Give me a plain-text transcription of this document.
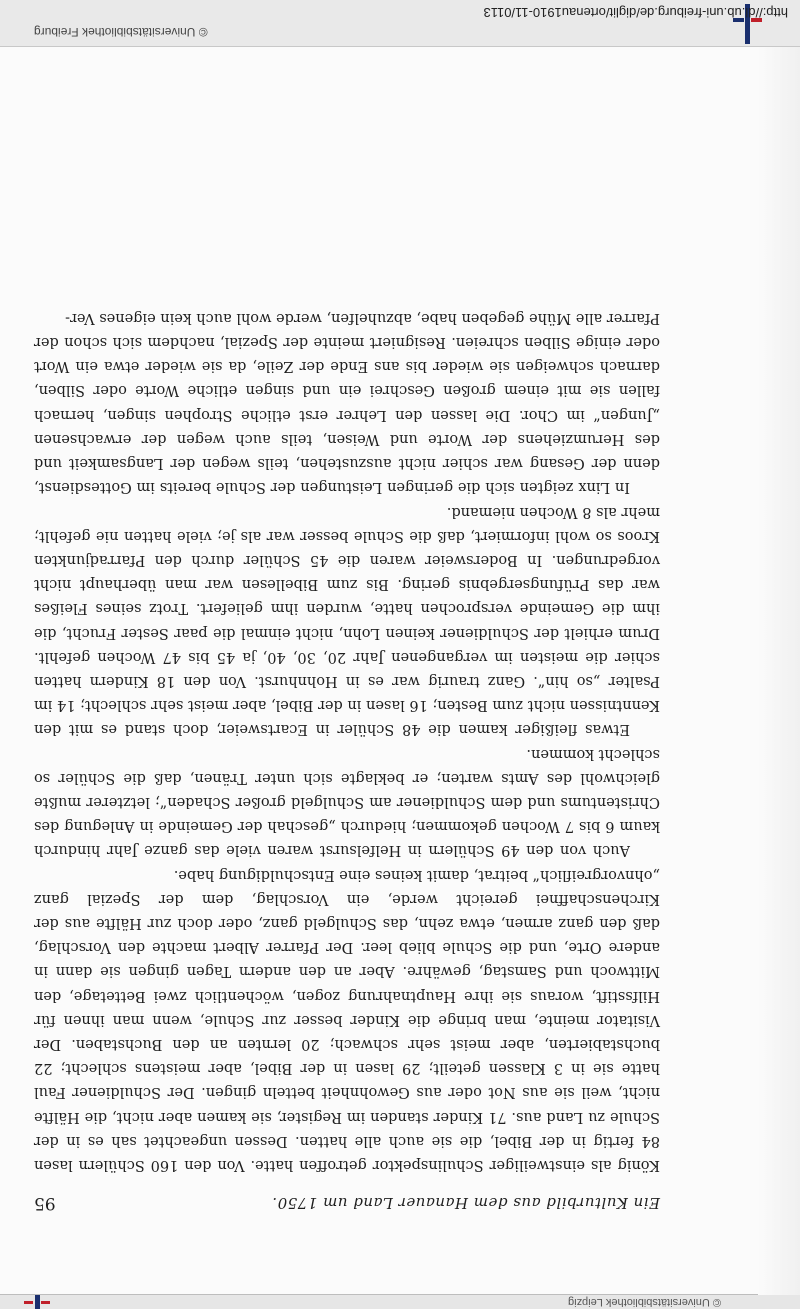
© Universitätsbibliothek Leipzig
Ein Kulturbild aus dem Hanauer Land um 1750.
95

König als einstweiliger Schulinspektor getroffen hatte. Von den 160 Schülern lasen 84 fertig in der Bibel, die sie auch alle hatten. Dessen ungeachtet sah es in der Schule zu Land aus. 71 Kinder standen im Register, sie kamen aber nicht, die Hälfte nicht, weil sie aus Not oder aus Gewohnheit betteln gingen. Der Schuldiener Faul hatte sie in 3 Klassen geteilt; 29 lasen in der Bibel, aber meistens schlecht; 22 buchstabierten, aber meist sehr schwach; 20 lernten an den Buchstaben. Der Visitator meinte, man bringe die Kinder besser zur Schule, wenn man ihnen für Hilfsstift, woraus sie ihre Hauptnahrung zogen, wöchentlich zwei Bettetage, den Mittwoch und Samstag, gewähre. Aber an den andern Tagen gingen sie dann in andere Orte, und die Schule blieb leer. Der Pfarrer Albert machte den Vorschlag, daß den ganz armen, etwa zehn, das Schulgeld ganz, oder doch zur Hälfte aus der Kirchenschaffnei gereicht werde, ein Vorschlag, dem der Spezial ganz „ohnvorgreiflich“ beitrat, damit keines eine Entschuldigung habe.

Auch von den 49 Schülern in Helfelsurst waren viele das ganze Jahr hindurch kaum 6 bis 7 Wochen gekommen; hiedurch „geschah der Gemeinde in Anlegung des Christentums und dem Schuldiener am Schulgeld großer Schaden“; letzterer mußte gleichwohl des Amts warten; er beklagte sich unter Tränen, daß die Schüler so schlecht kommen.

Etwas fleißiger kamen die 48 Schüler in Ecartsweier, doch stand es mit den Kenntnissen nicht zum Besten; 16 lasen in der Bibel, aber meist sehr schlecht; 14 im Psalter „so hin“. Ganz traurig war es in Hohnhurst. Von den 18 Kindern hatten schier die meisten im vergangenen Jahr 20, 30, 40, ja 45 bis 47 Wochen gefehlt. Drum erhielt der Schuldiener keinen Lohn, nicht einmal die paar Sester Frucht, die ihm die Gemeinde versprochen hatte, wurden ihm geliefert. Trotz seines Fleißes war das Prüfungsergebnis gering. Bis zum Bibellesen war man überhaupt nicht vorgedrungen. In Bodersweier waren die 45 Schüler durch den Pfarradjunkten Kroos so wohl informiert, daß die Schule besser war als je; viele hatten nie gefehlt; mehr als 8 Wochen niemand.

In Linx zeigten sich die geringen Leistungen der Schule bereits im Gottesdienst, denn der Gesang war schier nicht auszustehen, teils wegen der Langsamkeit und des Herumziehens der Worte und Weisen, teils auch wegen der erwachsenen „Jungen“ im Chor. Die lassen den Lehrer erst etliche Strophen singen, hernach fallen sie mit einem großen Geschrei ein und singen etliche Worte oder Silben, darnach schweigen sie wieder bis ans Ende der Zeile, da sie wieder etwa ein Wort oder einige Silben schreien. Resigniert meinte der Spezial, nachdem sich schon der Pfarrer alle Mühe gegeben habe, abzuhelfen, werde wohl auch kein eigenes Ver-

© Universitätsbibliothek Freiburg
http://dl.ub.uni-freiburg.de/diglit/ortenau1910-11/0113
